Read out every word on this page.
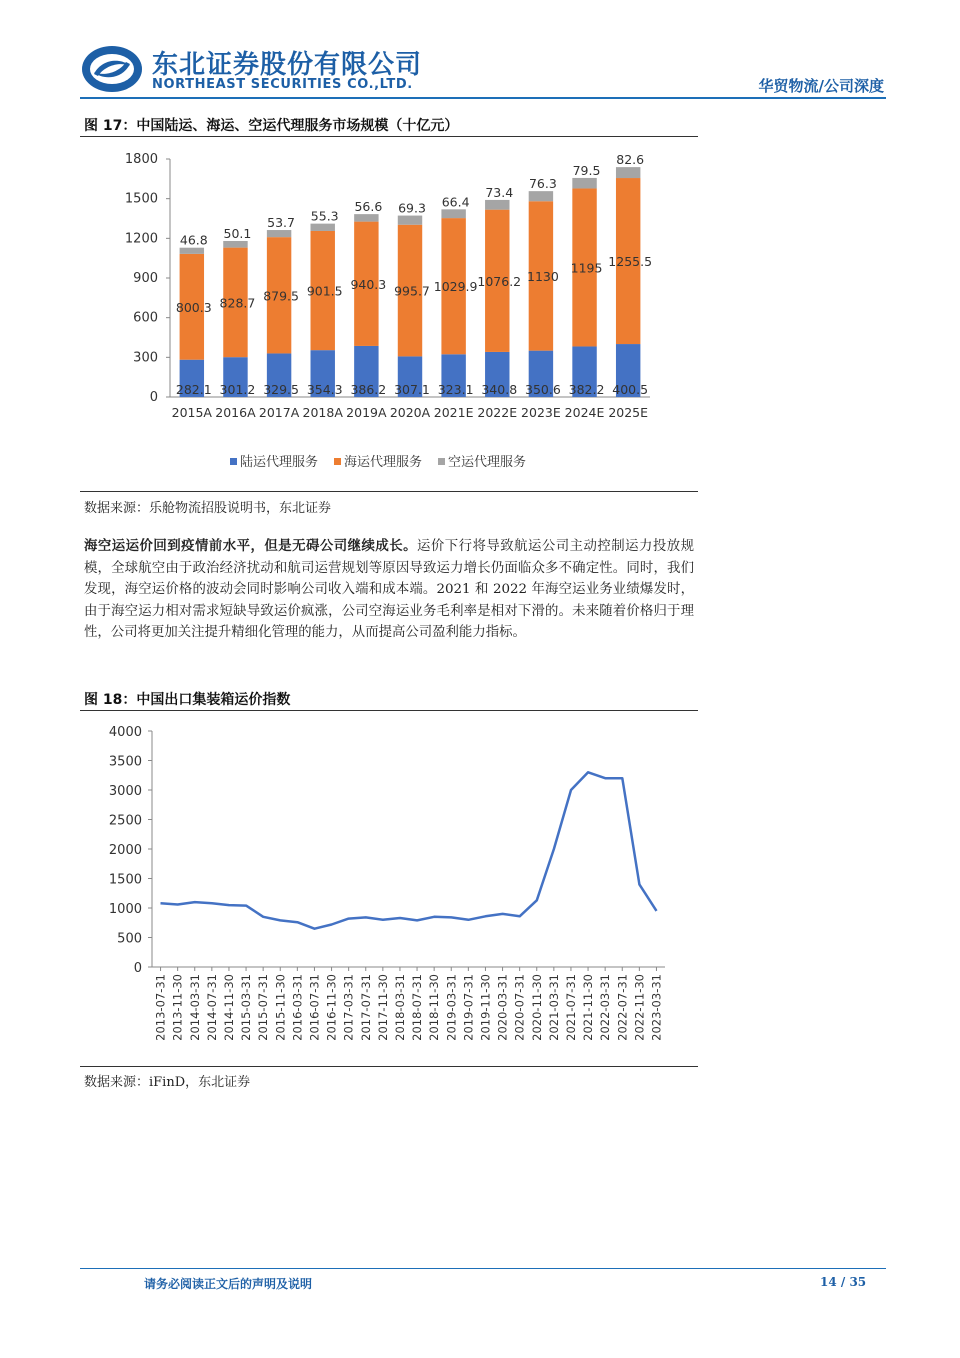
东北证券股份有限公司
NORTHEAST SECURITIES CO.,LTD.	华贸物流/公司深度
图 17：中国陆运、海运、空运代理服务市场规模（十亿元）
0
300
600
900
1200
1500
1800
282.1
800.3
46.8
2015A
301.2
828.7
50.1
2016A
329.5
879.5
53.7
2017A
354.3
901.5
55.3
2018A
386.2
940.3
56.6
2019A
307.1
995.7
69.3
2020A
323.1
1029.9
66.4
2021E
340.8
1076.2
73.4
2022E
350.6
1130
76.3
2023E
382.2
1195
79.5
2024E
400.5
1255.5
82.6
2025E
陆运代理服务 海运代理服务 空运代理服务
数据来源：乐舱物流招股说明书，东北证券
海空运运价回到疫情前水平，但是无碍公司继续成长。运价下行将导致航运公司主动控制运力投放规模，全球航空由于政治经济扰动和航司运营规划等原因导致运力增长仍面临众多不确定性。同时，我们发现，海空运价格的波动会同时影响公司收入端和成本端。2021 和 2022 年海空运业务业绩爆发时，由于海空运力相对需求短缺导致运价疯涨，公司空海运业务毛利率是相对下滑的。未来随着价格归于理性，公司将更加关注提升精细化管理的能力，从而提高公司盈利能力指标。
图 18：中国出口集装箱运价指数
0
500
1000
1500
2000
2500
3000
3500
4000
2013-07-31 2013-11-30 2014-03-31 2014-07-31 2014-11-30 2015-03-31 2015-07-31 2015-11-30 2016-03-31 2016-07-31 2016-11-30 2017-03-31 2017-07-31 2017-11-30 2018-03-31 2018-07-31 2018-11-30 2019-03-31 2019-07-31 2019-11-30 2020-03-31 2020-07-31 2020-11-30 2021-03-31 2021-07-31 2021-11-30 2022-03-31 2022-07-31 2022-11-30 2023-03-31
数据来源：iFinD，东北证券
请务必阅读正文后的声明及说明	14 / 35
